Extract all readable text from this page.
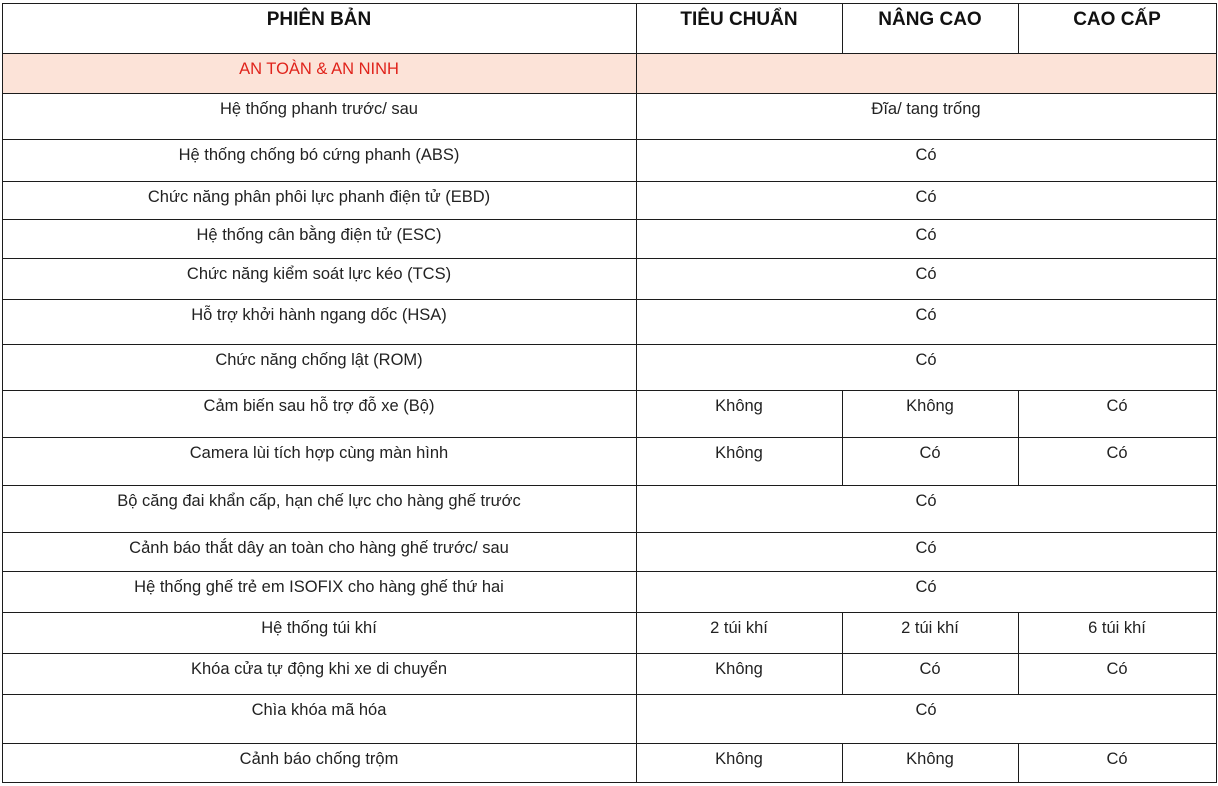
PHIÊN BẢN	TIÊU CHUẨN	NÂNG CAO	CAO CẤP
AN TOÀN & AN NINH
Hệ thống phanh trước/ sau	Đĩa/ tang trống
Hệ thống chống bó cứng phanh (ABS)	Có
Chức năng phân phôi lực phanh điện tử (EBD)	Có
Hệ thống cân bằng điện tử (ESC)	Có
Chức năng kiểm soát lực kéo (TCS)	Có
Hỗ trợ khởi hành ngang dốc (HSA)	Có
Chức năng chống lật (ROM)	Có
Cảm biến sau hỗ trợ đỗ xe (Bộ)	Không	Không	Có
Camera lùi tích hợp cùng màn hình	Không	Có	Có
Bộ căng đai khẩn cấp, hạn chế lực cho hàng ghế trước	Có
Cảnh báo thắt dây an toàn cho hàng ghế trước/ sau	Có
Hệ thống ghế trẻ em ISOFIX cho hàng ghế thứ hai	Có
Hệ thống túi khí	2 túi khí	2 túi khí	6 túi khí
Khóa cửa tự động khi xe di chuyển	Không	Có	Có
Chìa khóa mã hóa	Có
Cảnh báo chống trộm	Không	Không	Có
